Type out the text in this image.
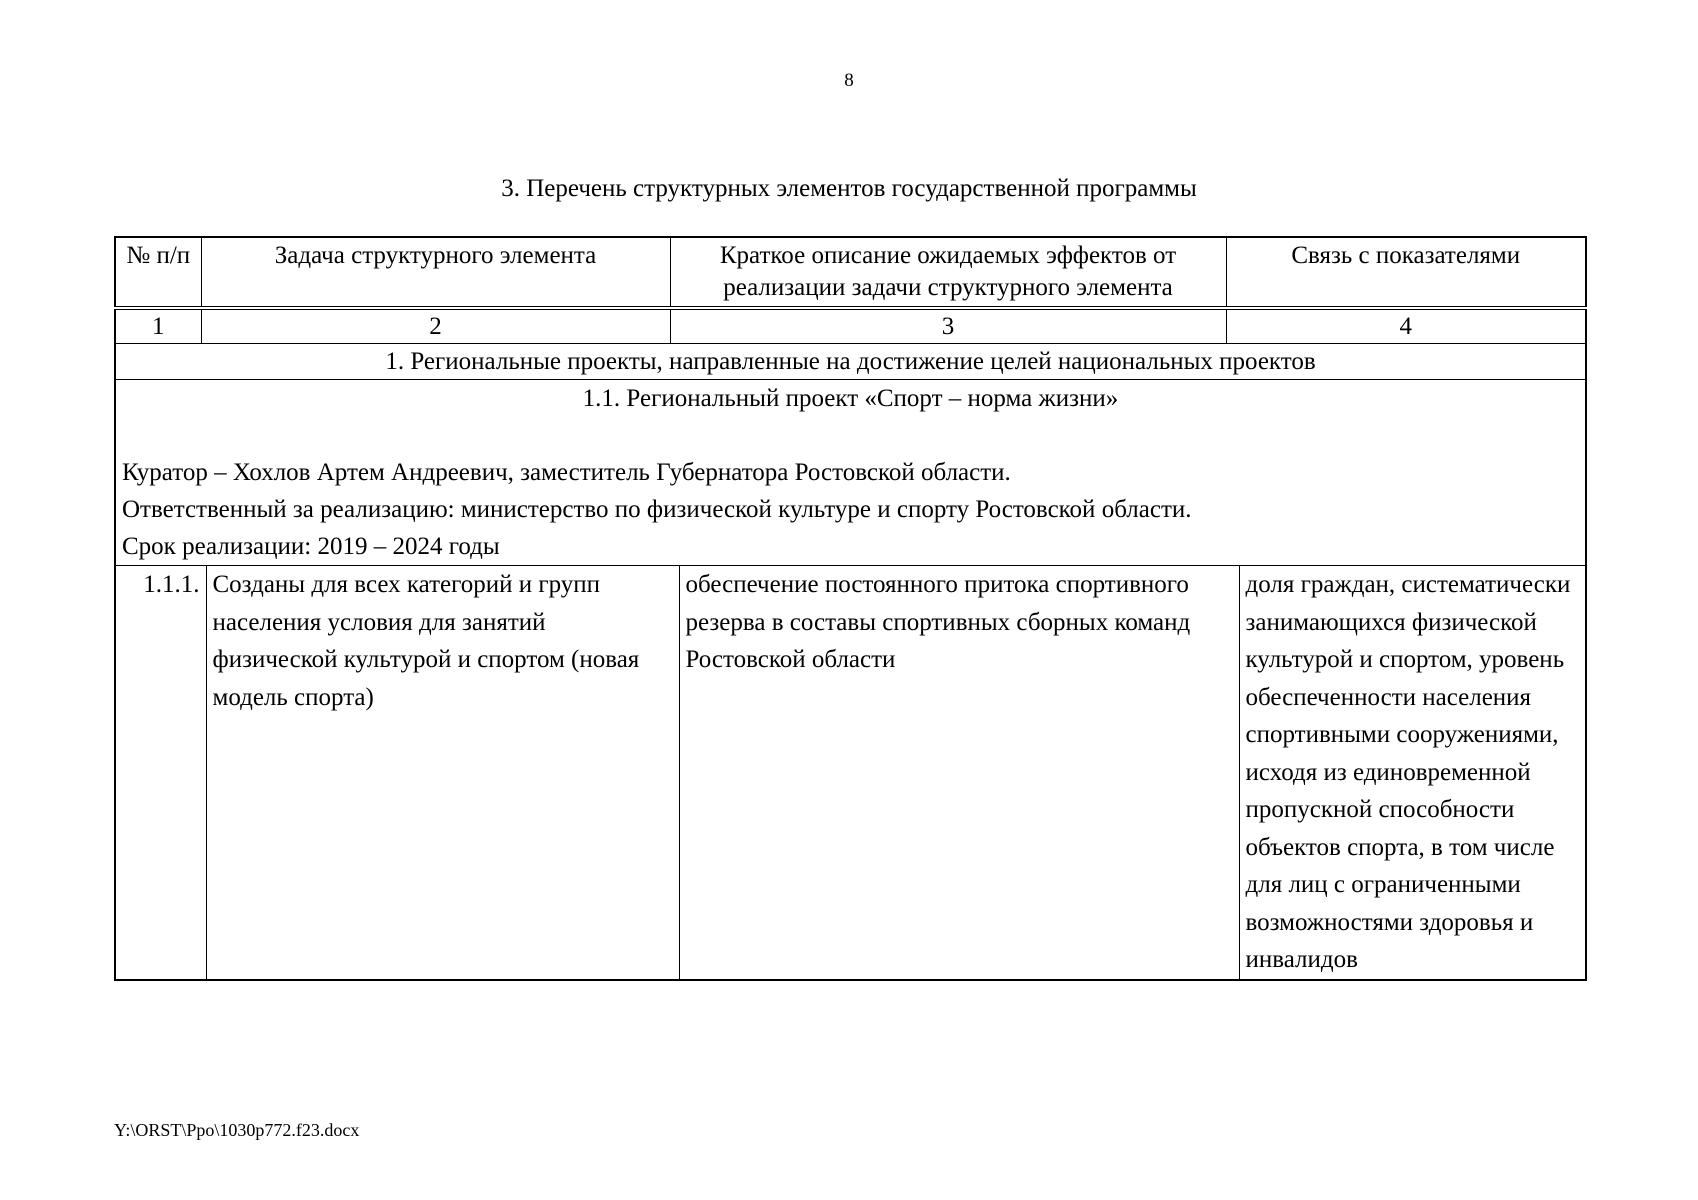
8
3. Перечень структурных элементов государственной программы
№ п/п	Задача структурного элемента	Краткое описание ожидаемых эффектов от реализации задачи структурного элемента	Связь с показателями
1	2	3	4
1. Региональные проекты, направленные на достижение целей национальных проектов

1.1. Региональный проект «Спорт – норма жизни»
Куратор – Хохлов Артем Андреевич, заместитель Губернатора Ростовской области.
Ответственный за реализацию: министерство по физической культуре и спорту Ростовской области.
Срок реализации: 2019 – 2024 годы

1.1.1.	Созданы для всех категорий и групп населения условия для занятий физической культурой и спортом (новая модель спорта)	обеспечение постоянного притока спортивного резерва в составы спортивных сборных команд Ростовской области	доля граждан, систематически занимающихся физической культурой и спортом, уровень обеспеченности населения спортивными сооружениями, исходя из единовременной пропускной способности объектов спорта, в том числе для лиц с ограниченными возможностями здоровья и инвалидов
Y:\ORST\Ppo\1030p772.f23.docx
